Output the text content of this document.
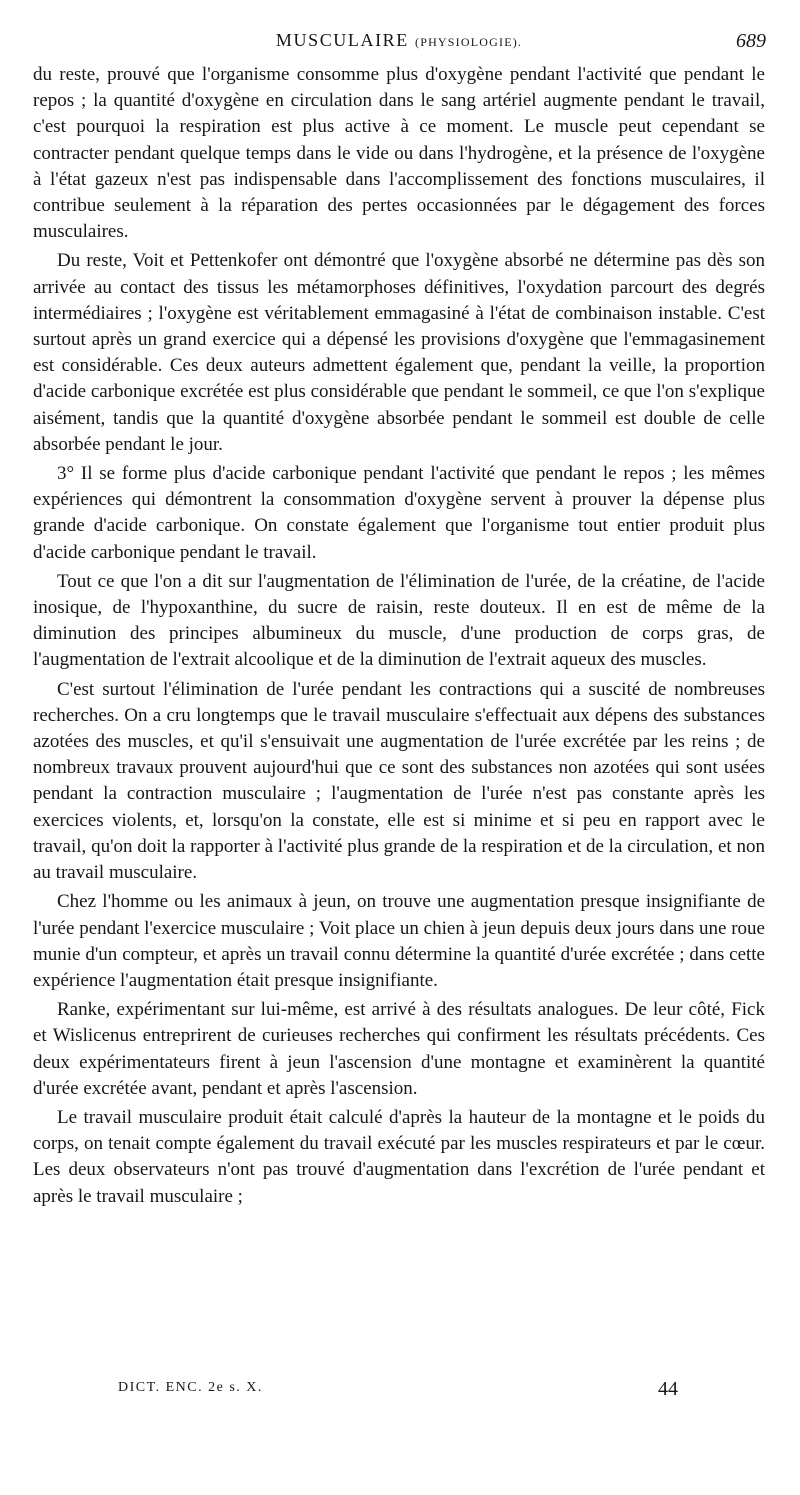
MUSCULAIRE (PHYSIOLOGIE).	689

du reste, prouvé que l'organisme consomme plus d'oxygène pendant l'activité que pendant le repos ; la quantité d'oxygène en circulation dans le sang artériel augmente pendant le travail, c'est pourquoi la respiration est plus active à ce moment. Le muscle peut cependant se contracter pendant quelque temps dans le vide ou dans l'hydrogène, et la présence de l'oxygène à l'état gazeux n'est pas indispensable dans l'accomplissement des fonctions musculaires, il contribue seulement à la réparation des pertes occasionnées par le dégagement des forces musculaires.

Du reste, Voit et Pettenkofer ont démontré que l'oxygène absorbé ne détermine pas dès son arrivée au contact des tissus les métamorphoses définitives, l'oxydation parcourt des degrés intermédiaires ; l'oxygène est véritablement emmagasiné à l'état de combinaison instable. C'est surtout après un grand exercice qui a dépensé les provisions d'oxygène que l'emmagasinement est considérable. Ces deux auteurs admettent également que, pendant la veille, la proportion d'acide carbonique excrétée est plus considérable que pendant le sommeil, ce que l'on s'explique aisément, tandis que la quantité d'oxygène absorbée pendant le sommeil est double de celle absorbée pendant le jour.

3° Il se forme plus d'acide carbonique pendant l'activité que pendant le repos ; les mêmes expériences qui démontrent la consommation d'oxygène servent à prouver la dépense plus grande d'acide carbonique. On constate également que l'organisme tout entier produit plus d'acide carbonique pendant le travail.

Tout ce que l'on a dit sur l'augmentation de l'élimination de l'urée, de la créatine, de l'acide inosique, de l'hypoxanthine, du sucre de raisin, reste douteux. Il en est de même de la diminution des principes albumineux du muscle, d'une production de corps gras, de l'augmentation de l'extrait alcoolique et de la diminution de l'extrait aqueux des muscles.

C'est surtout l'élimination de l'urée pendant les contractions qui a suscité de nombreuses recherches. On a cru longtemps que le travail musculaire s'effectuait aux dépens des substances azotées des muscles, et qu'il s'ensuivait une augmentation de l'urée excrétée par les reins ; de nombreux travaux prouvent aujourd'hui que ce sont des substances non azotées qui sont usées pendant la contraction musculaire ; l'augmentation de l'urée n'est pas constante après les exercices violents, et, lorsqu'on la constate, elle est si minime et si peu en rapport avec le travail, qu'on doit la rapporter à l'activité plus grande de la respiration et de la circulation, et non au travail musculaire.

Chez l'homme ou les animaux à jeun, on trouve une augmentation presque insignifiante de l'urée pendant l'exercice musculaire ; Voit place un chien à jeun depuis deux jours dans une roue munie d'un compteur, et après un travail connu détermine la quantité d'urée excrétée ; dans cette expérience l'augmentation était presque insignifiante.

Ranke, expérimentant sur lui-même, est arrivé à des résultats analogues. De leur côté, Fick et Wislicenus entreprirent de curieuses recherches qui confirment les résultats précédents. Ces deux expérimentateurs firent à jeun l'ascension d'une montagne et examinèrent la quantité d'urée excrétée avant, pendant et après l'ascension.

Le travail musculaire produit était calculé d'après la hauteur de la montagne et le poids du corps, on tenait compte également du travail exécuté par les muscles respirateurs et par le cœur. Les deux observateurs n'ont pas trouvé d'augmentation dans l'excrétion de l'urée pendant et après le travail musculaire ;

DICT. ENC. 2e s. X.	44
